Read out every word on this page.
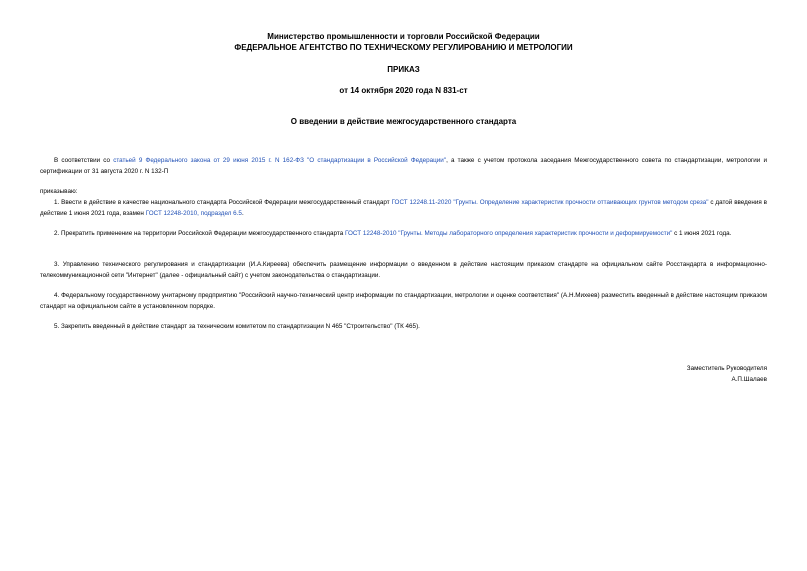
Министерство промышленности и торговли Российской Федерации
ФЕДЕРАЛЬНОЕ АГЕНТСТВО ПО ТЕХНИЧЕСКОМУ РЕГУЛИРОВАНИЮ И МЕТРОЛОГИИ
ПРИКАЗ
от 14 октября 2020 года N 831-ст
О введении в действие межгосударственного стандарта
В соответствии со статьей 9 Федерального закона от 29 июня 2015 г. N 162-ФЗ "О стандартизации в Российской Федерации", а также с учетом протокола заседания Межгосударственного совета по стандартизации, метрологии и сертификации от 31 августа 2020 г. N 132-П
приказываю:
1. Ввести в действие в качестве национального стандарта Российской Федерации межгосударственный стандарт ГОСТ 12248.11-2020 "Грунты. Определение характеристик прочности оттаивающих грунтов методом среза" с датой введения в действие 1 июня 2021 года, взамен ГОСТ 12248-2010, подраздел 6.5.
2. Прекратить применение на территории Российской Федерации межгосударственного стандарта ГОСТ 12248-2010 "Грунты. Методы лабораторного определения характеристик прочности и деформируемости" с 1 июня 2021 года.
3. Управлению технического регулирования и стандартизации (И.А.Киреева) обеспечить размещение информации о введенном в действие настоящим приказом стандарте на официальном сайте Росстандарта в информационно-телекоммуникационной сети "Интернет" (далее - официальный сайт) с учетом законодательства о стандартизации.
4. Федеральному государственному унитарному предприятию "Российский научно-технический центр информации по стандартизации, метрологии и оценке соответствия" (А.Н.Михеев) разместить введенный в действие настоящим приказом стандарт на официальном сайте в установленном порядке.
5. Закрепить введенный в действие стандарт за техническим комитетом по стандартизации N 465 "Строительство" (ТК 465).
Заместитель Руководителя
А.П.Шалаев
